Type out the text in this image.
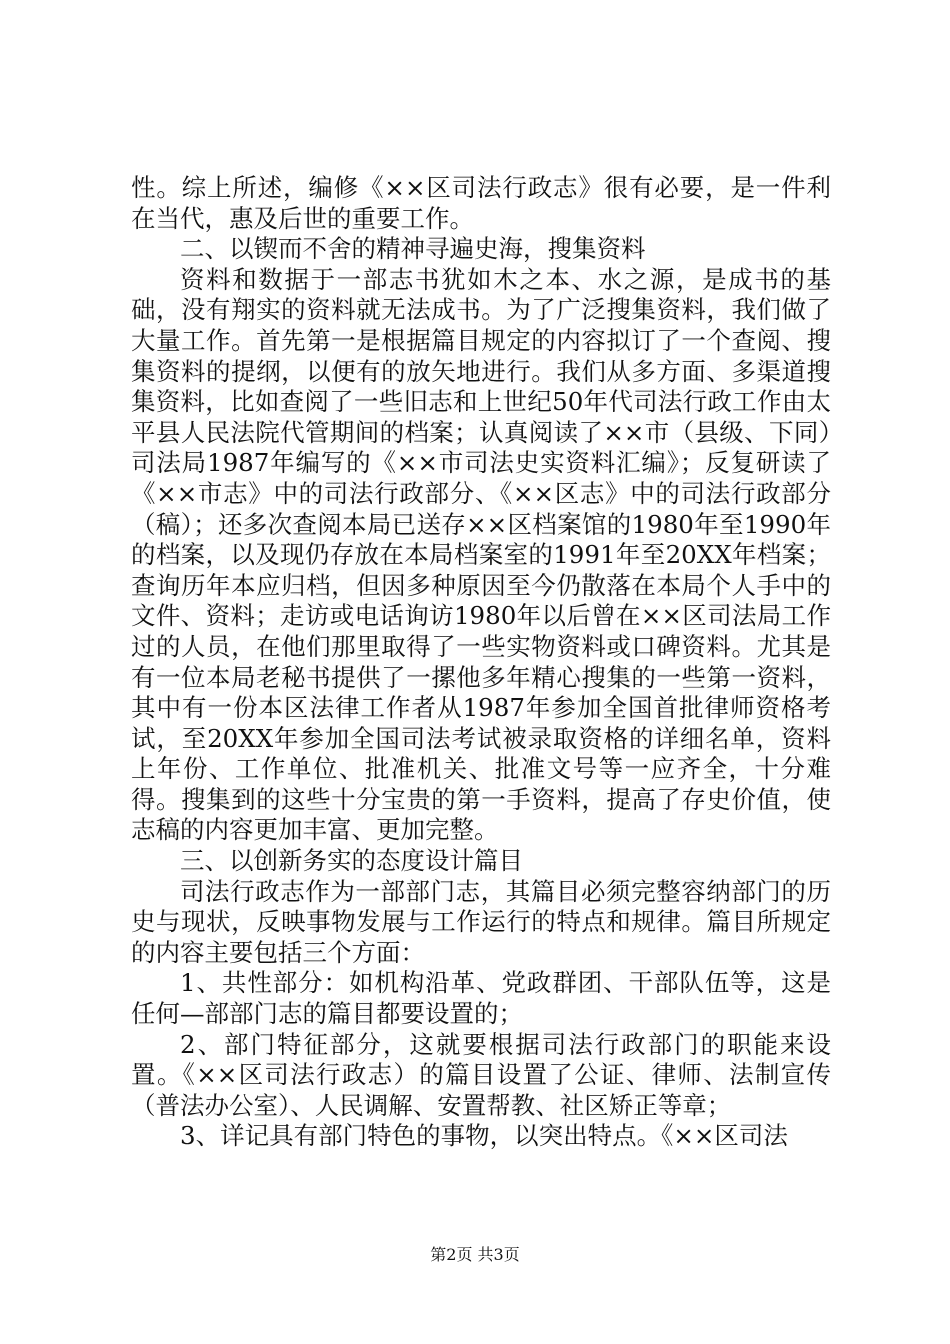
性。综上所述，编修《××区司法行政志》很有必要，是一件利在当代，惠及后世的重要工作。

二、以锲而不舍的精神寻遍史海，搜集资料

资料和数据于一部志书犹如木之本、水之源，是成书的基础，没有翔实的资料就无法成书。为了广泛搜集资料，我们做了大量工作。首先第一是根据篇目规定的内容拟订了一个查阅、搜集资料的提纲，以便有的放矢地进行。我们从多方面、多渠道搜集资料，比如查阅了一些旧志和上世纪50年代司法行政工作由太平县人民法院代管期间的档案；认真阅读了××市（县级、下同）司法局1987年编写的《××市司法史实资料汇编》；反复研读了《××市志》中的司法行政部分、《××区志》中的司法行政部分（稿）；还多次查阅本局已送存××区档案馆的1980年至1990年的档案，以及现仍存放在本局档案室的1991年至20XX年档案；查询历年本应归档，但因多种原因至今仍散落在本局个人手中的文件、资料；走访或电话询访1980年以后曾在××区司法局工作过的人员，在他们那里取得了一些实物资料或口碑资料。尤其是有一位本局老秘书提供了一摞他多年精心搜集的一些第一资料，其中有一份本区法律工作者从1987年参加全国首批律师资格考试，至20XX年参加全国司法考试被录取资格的详细名单，资料上年份、工作单位、批准机关、批准文号等一应齐全，十分难得。搜集到的这些十分宝贵的第一手资料，提高了存史价值，使志稿的内容更加丰富、更加完整。

三、以创新务实的态度设计篇目

司法行政志作为一部部门志，其篇目必须完整容纳部门的历史与现状，反映事物发展与工作运行的特点和规律。篇目所规定的内容主要包括三个方面：

1、共性部分：如机构沿革、党政群团、干部队伍等，这是任何—部部门志的篇目都要设置的；

2、部门特征部分，这就要根据司法行政部门的职能来设置。《××区司法行政志）的篇目设置了公证、律师、法制宣传（普法办公室）、人民调解、安置帮教、社区矫正等章；

3、详记具有部门特色的事物，以突出特点。《××区司法

第2页 共3页
